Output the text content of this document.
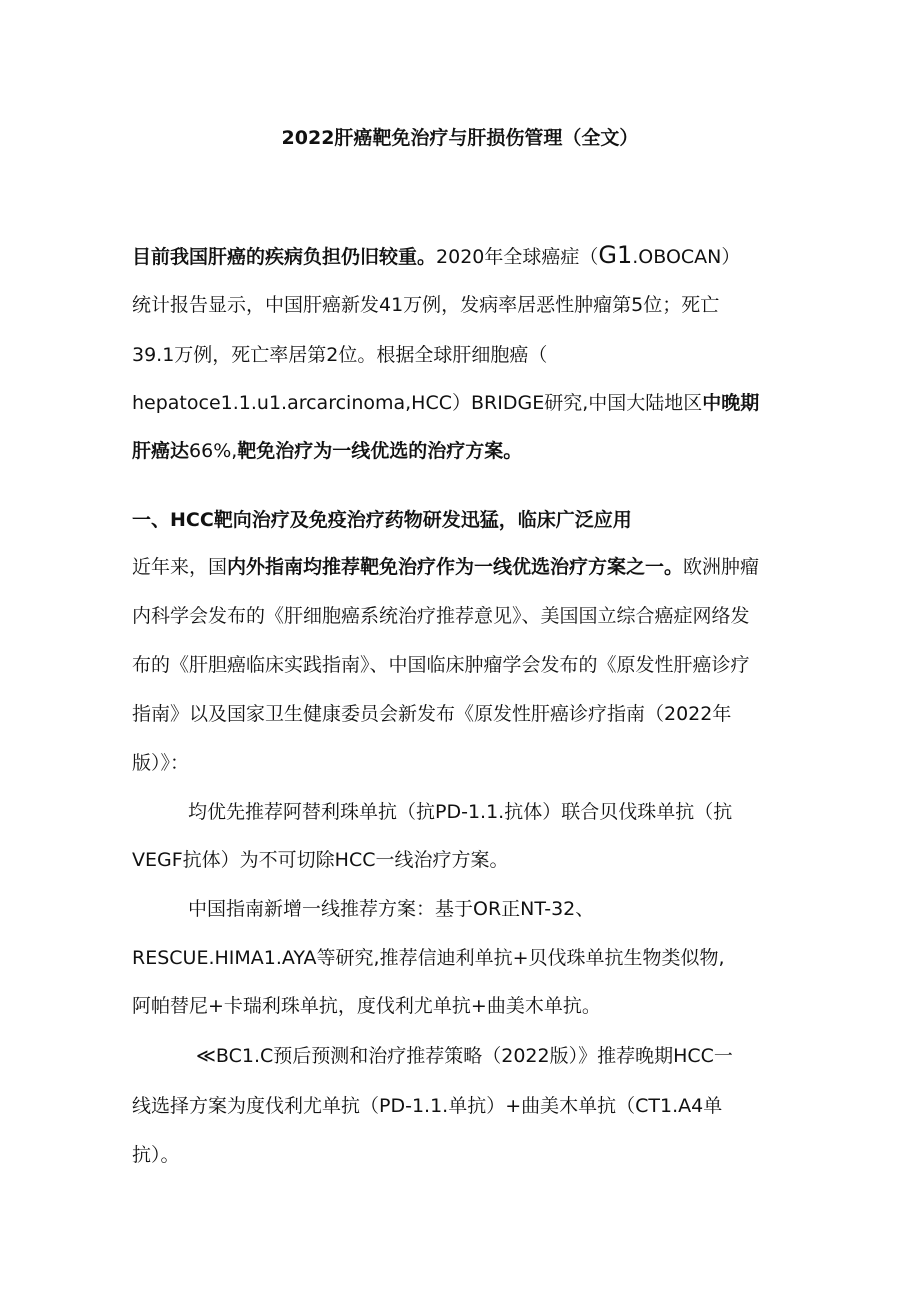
2022肝癌靶免治疗与肝损伤管理（全文）
目前我国肝癌的疾病负担仍旧较重。2020年全球癌症（G1.OBOCAN）
统计报告显示，中国肝癌新发41万例，发病率居恶性肿瘤第5位；死亡
39.1万例，死亡率居第2位。根据全球肝细胞癌（
hepatoce1.1.u1.arcarcinoma,HCC）BRIDGE研究,中国大陆地区中晚期
肝癌达66%,靶免治疗为一线优选的治疗方案。
一、HCC靶向治疗及免疫治疗药物研发迅猛，临床广泛应用
近年来，国内外指南均推荐靶免治疗作为一线优选治疗方案之一。欧洲肿瘤
内科学会发布的《肝细胞癌系统治疗推荐意见》、美国国立综合癌症网络发
布的《肝胆癌临床实践指南》、中国临床肿瘤学会发布的《原发性肝癌诊疗
指南》以及国家卫生健康委员会新发布《原发性肝癌诊疗指南（2022年
版）》：
均优先推荐阿替利珠单抗（抗PD-1.1.抗体）联合贝伐珠单抗（抗
VEGF抗体）为不可切除HCC一线治疗方案。
中国指南新增一线推荐方案：基于OR正NT-32、
RESCUE.HIMA1.AYA等研究,推荐信迪利单抗+贝伐珠单抗生物类似物,
阿帕替尼+卡瑞利珠单抗，度伐利尤单抗+曲美木单抗。
≪BC1.C预后预测和治疗推荐策略（2022版）》推荐晚期HCC一
线选择方案为度伐利尤单抗（PD-1.1.单抗）+曲美木单抗（CT1.A4单
抗）。
